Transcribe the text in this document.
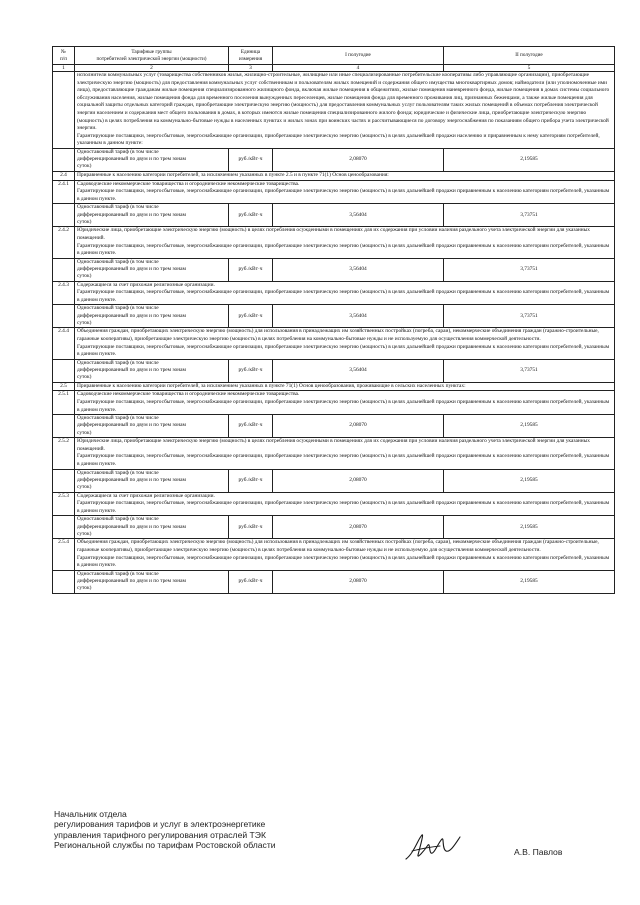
№
п/п	Тарифные группы
потребителей электрической энергии (мощности)	Единица
измерения	I полугодие	II полугодие
1	2	3	4	5
	исполнители коммунальных услуг (товарищества собственников жилья, жилищно-строительные, жилищные или иные специализированные потребительские кооперативы либо управляющие организации), приобретающие электрическую энергию (мощность) для предоставления коммунальных услуг собственникам и пользователям жилых помещений и содержания общего имущества многоквартирных домов; наймодатели (или уполномоченные ими лица), предоставляющие гражданам жилые помещения специализированного жилищного фонда, включая жилые помещения в общежитиях, жилые помещения маневренного фонда, жилые помещения в домах системы социального обслуживания населения, жилые помещения фонда для временного поселения вынужденных переселенцев, жилые помещения фонда для временного проживания лиц, признанных беженцами, а также жилые помещения для социальной защиты отдельных категорий граждан, приобретающие электрическую энергию (мощность) для предоставления коммунальных услуг пользователям таких жилых помещений в объемах потребления электрической энергии населением и содержания мест общего пользования в домах, в которых имеются жилые помещения специализированного жилого фонда; юридические и физические лица, приобретающие электрическую энергию (мощность) в целях потребления на коммунально-бытовые нужды в населенных пунктах и жилых зонах при воинских частях и рассчитывающиеся по договору энергоснабжения по показаниям общего прибора учета электрической энергии.
Гарантирующие поставщики, энергосбытовые, энергоснабжающие организации, приобретающие электрическую энергию (мощность) в целях дальнейшей продажи населению и приравненным к нему категориям потребителей, указанным в данном пункте:			
	Одноставочный тариф (в том числе
дифференцированный по двум и по трем зонам
суток)	руб./кВт·ч	2,08070	2,19585
2.4	Приравненные к населению категории потребителей, за исключением указанных в пункте 2.5 и в пункте 71(1) Основ ценообразования:			
2.4.1	Садоводческие некоммерческие товарищества и огороднические некоммерческие товарищества.
Гарантирующие поставщики, энергосбытовые, энергоснабжающие организации, приобретающие электрическую энергию (мощность) в целях дальнейшей продажи приравненным к населению категориям потребителей, указанным в данном пункте.			
	Одноставочный тариф (в том числе
дифференцированный по двум и по трем зонам
суток)	руб./кВт·ч	3,56404	3,73751
2.4.2	Юридические лица, приобретающие электрическую энергию (мощность) в целях потребления осужденными в помещениях для их содержания при условии наличия раздельного учета электрической энергии для указанных помещений.
Гарантирующие поставщики, энергосбытовые, энергоснабжающие организации, приобретающие электрическую энергию (мощность) в целях дальнейшей продажи приравненным к населению категориям потребителей, указанным в данном пункте.			
	Одноставочный тариф (в том числе
дифференцированный по двум и по трем зонам
суток)	руб./кВт·ч	3,56404	3,73751
2.4.3	Содержащиеся за счет прихожан религиозные организации.
Гарантирующие поставщики, энергосбытовые, энергоснабжающие организации, приобретающие электрическую энергию (мощность) в целях дальнейшей продажи приравненным к населению категориям потребителей, указанным в данном пункте.			
	Одноставочный тариф (в том числе
дифференцированный по двум и по трем зонам
суток)	руб./кВт·ч	3,56404	3,73751
2.4.4	Объединения граждан, приобретающих электрическую энергию (мощность) для использования в принадлежащих им хозяйственных постройках (погреба, сараи), некоммерческие объединения граждан (гаражно-строительные, гаражные кооперативы), приобретающие электрическую энергию (мощность) в целях потребления на коммунально-бытовые нужды и не используемую для осуществления коммерческой деятельности.
Гарантирующие поставщики, энергосбытовые, энергоснабжающие организации, приобретающие электрическую энергию (мощность) в целях дальнейшей продажи приравненным к населению категориям потребителей, указанным в данном пункте.			
	Одноставочный тариф (в том числе
дифференцированный по двум и по трем зонам
суток)	руб./кВт·ч	3,56404	3,73751
2.5	Приравненные к населению категории потребителей, за исключением указанных в пункте 71(1) Основ ценообразования, проживающие в сельских населенных пунктах:			
2.5.1	Садоводческие некоммерческие товарищества и огороднические некоммерческие товарищества.
Гарантирующие поставщики, энергосбытовые, энергоснабжающие организации, приобретающие электрическую энергию (мощность) в целях дальнейшей продажи приравненным к населению категориям потребителей, указанным в данном пункте.			
	Одноставочный тариф (в том числе
дифференцированный по двум и по трем зонам
суток)	руб./кВт·ч	2,08070	2,19585
2.5.2	Юридические лица, приобретающие электрическую энергию (мощность) в целях потребления осужденными в помещениях для их содержания при условии наличия раздельного учета электрической энергии для указанных помещений.
Гарантирующие поставщики, энергосбытовые, энергоснабжающие организации, приобретающие электрическую энергию (мощность) в целях дальнейшей продажи приравненным к населению категориям потребителей, указанным в данном пункте.			
	Одноставочный тариф (в том числе
дифференцированный по двум и по трем зонам
суток)	руб./кВт·ч	2,08070	2,19585
2.5.3	Содержащиеся за счет прихожан религиозные организации.
Гарантирующие поставщики, энергосбытовые, энергоснабжающие организации, приобретающие электрическую энергию (мощность) в целях дальнейшей продажи приравненным к населению категориям потребителей, указанным в данном пункте.			
	Одноставочный тариф (в том числе
дифференцированный по двум и по трем зонам
суток)	руб./кВт·ч	2,08070	2,19585
2.5.4	Объединения граждан, приобретающих электрическую энергию (мощность) для использования в принадлежащих им хозяйственных постройках (погреба, сараи), некоммерческие объединения граждан (гаражно-строительные, гаражные кооперативы), приобретающие электрическую энергию (мощность) в целях потребления на коммунально-бытовые нужды и не используемую для осуществления коммерческой деятельности.
Гарантирующие поставщики, энергосбытовые, энергоснабжающие организации, приобретающие электрическую энергию (мощность) в целях дальнейшей продажи приравненным к населению категориям потребителей, указанным в данном пункте.			
	Одноставочный тариф (в том числе
дифференцированный по двум и по трем зонам
суток)	руб./кВт·ч	2,08070	2,19585
Начальник отдела
регулирования тарифов и услуг в электроэнергетике
управления тарифного регулирования отраслей ТЭК
Региональной службы по тарифам Ростовской области
А.В. Павлов
